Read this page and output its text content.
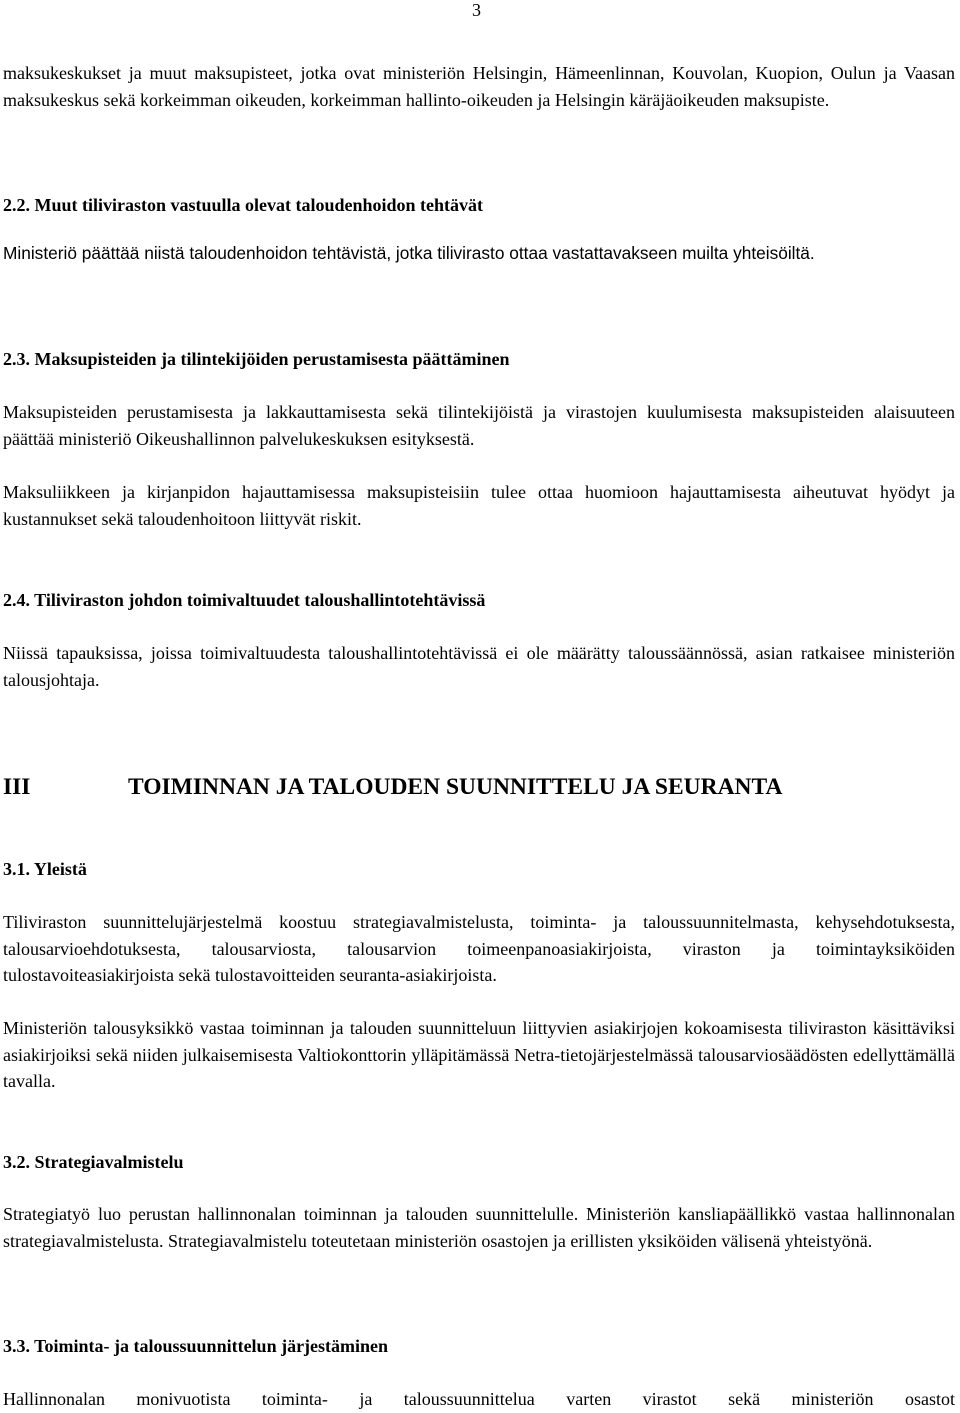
3
maksukeskukset ja muut maksupisteet, jotka ovat ministeriön Helsingin, Hämeenlinnan, Kouvolan, Kuopion, Oulun ja Vaasan maksukeskus sekä korkeimman oikeuden, korkeimman hallinto-oikeuden ja Helsingin käräjäoikeuden maksupiste.
2.2. Muut tiliviraston vastuulla olevat taloudenhoidon tehtävät
Ministeriö päättää niistä taloudenhoidon tehtävistä, jotka tilivirasto ottaa vastattavakseen muilta yhteisöiltä.
2.3. Maksupisteiden ja tilintekijöiden perustamisesta päättäminen
Maksupisteiden perustamisesta ja lakkauttamisesta sekä tilintekijöistä ja virastojen kuulumisesta maksupisteiden alaisuuteen päättää ministeriö Oikeushallinnon palvelukeskuksen esityksestä.
Maksuliikkeen ja kirjanpidon hajauttamisessa maksupisteisiin tulee ottaa huomioon hajauttamisesta aiheutuvat hyödyt ja kustannukset sekä taloudenhoitoon liittyvät riskit.
2.4. Tiliviraston johdon toimivaltuudet taloushallintotehtävissä
Niissä tapauksissa, joissa toimivaltuudesta taloushallintotehtävissä ei ole määrätty taloussäännössä, asian ratkaisee ministeriön talousjohtaja.
III	TOIMINNAN JA TALOUDEN SUUNNITTELU JA SEURANTA
3.1. Yleistä
Tiliviraston suunnittelujärjestelmä koostuu strategiavalmistelusta, toiminta- ja taloussuunnitelmasta, kehysehdotuksesta, talousarvioehdotuksesta, talousarviosta, talousarvion toimeenpanoasiakirjoista, viraston ja toimintayksiköiden tulostavoiteasiakirjoista sekä tulostavoitteiden seuranta-asiakirjoista.
Ministeriön talousyksikkö vastaa toiminnan ja talouden suunnitteluun liittyvien asiakirjojen kokoamisesta tiliviraston käsittäviksi asiakirjoiksi sekä niiden julkaisemisesta Valtiokonttorin ylläpitämässä Netra-tietojärjestelmässä talousarviosäädösten edellyttämällä tavalla.
3.2. Strategiavalmistelu
Strategiatyö luo perustan hallinnonalan toiminnan ja talouden suunnittelulle. Ministeriön kansliapäällikkö vastaa hallinnonalan strategiavalmistelusta. Strategiavalmistelu toteutetaan ministeriön osastojen ja erillisten yksiköiden välisenä yhteistyönä.
3.3. Toiminta- ja taloussuunnittelun järjestäminen
Hallinnonalan monivuotista toiminta- ja taloussuunnittelua varten virastot sekä ministeriön osastot
